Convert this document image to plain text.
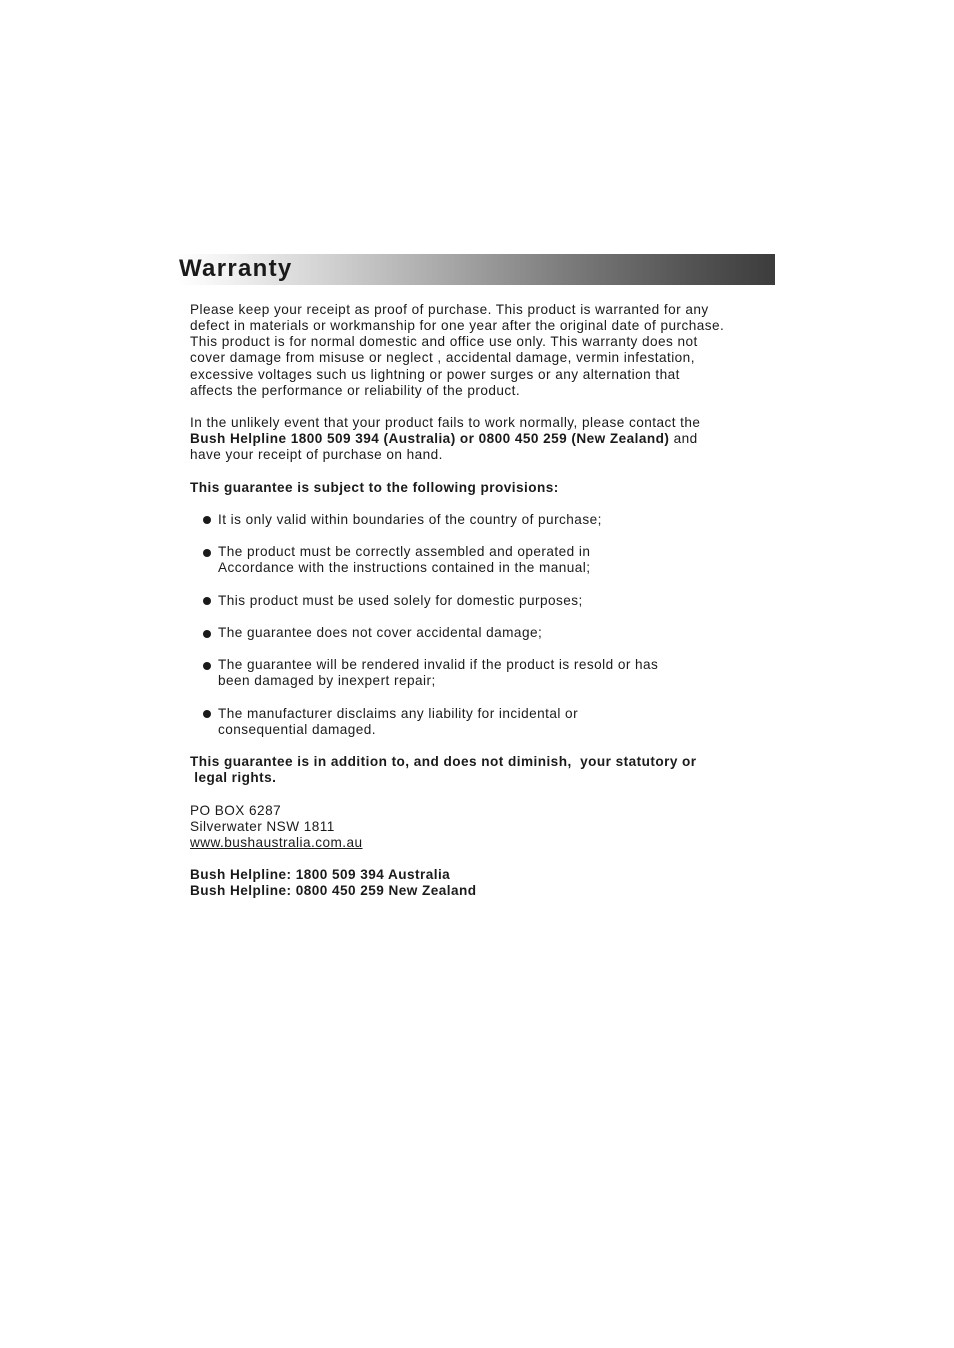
Warranty

Please keep your receipt as proof of purchase. This product is warranted for any
defect in materials or workmanship for one year after the original date of purchase.
This product is for normal domestic and office use only. This warranty does not
cover damage from misuse or neglect , accidental damage, vermin infestation,
excessive voltages such us lightning or power surges or any alternation that
affects the performance or reliability of the product.

In the unlikely event that your product fails to work normally, please contact the
Bush Helpline 1800 509 394 (Australia) or 0800 450 259 (New Zealand) and
have your receipt of purchase on hand.

This guarantee is subject to the following provisions:

It is only valid within boundaries of the country of purchase;
The product must be correctly assembled and operated in
Accordance with the instructions contained in the manual;
This product must be used solely for domestic purposes;
The guarantee does not cover accidental damage;
The guarantee will be rendered invalid if the product is resold or has
been damaged by inexpert repair;
The manufacturer disclaims any liability for incidental or
consequential damaged.

This guarantee is in addition to, and does not diminish,  your statutory or
legal rights.

PO BOX 6287
Silverwater NSW 1811
www.bushaustralia.com.au

Bush Helpline: 1800 509 394 Australia
Bush Helpline: 0800 450 259 New Zealand
